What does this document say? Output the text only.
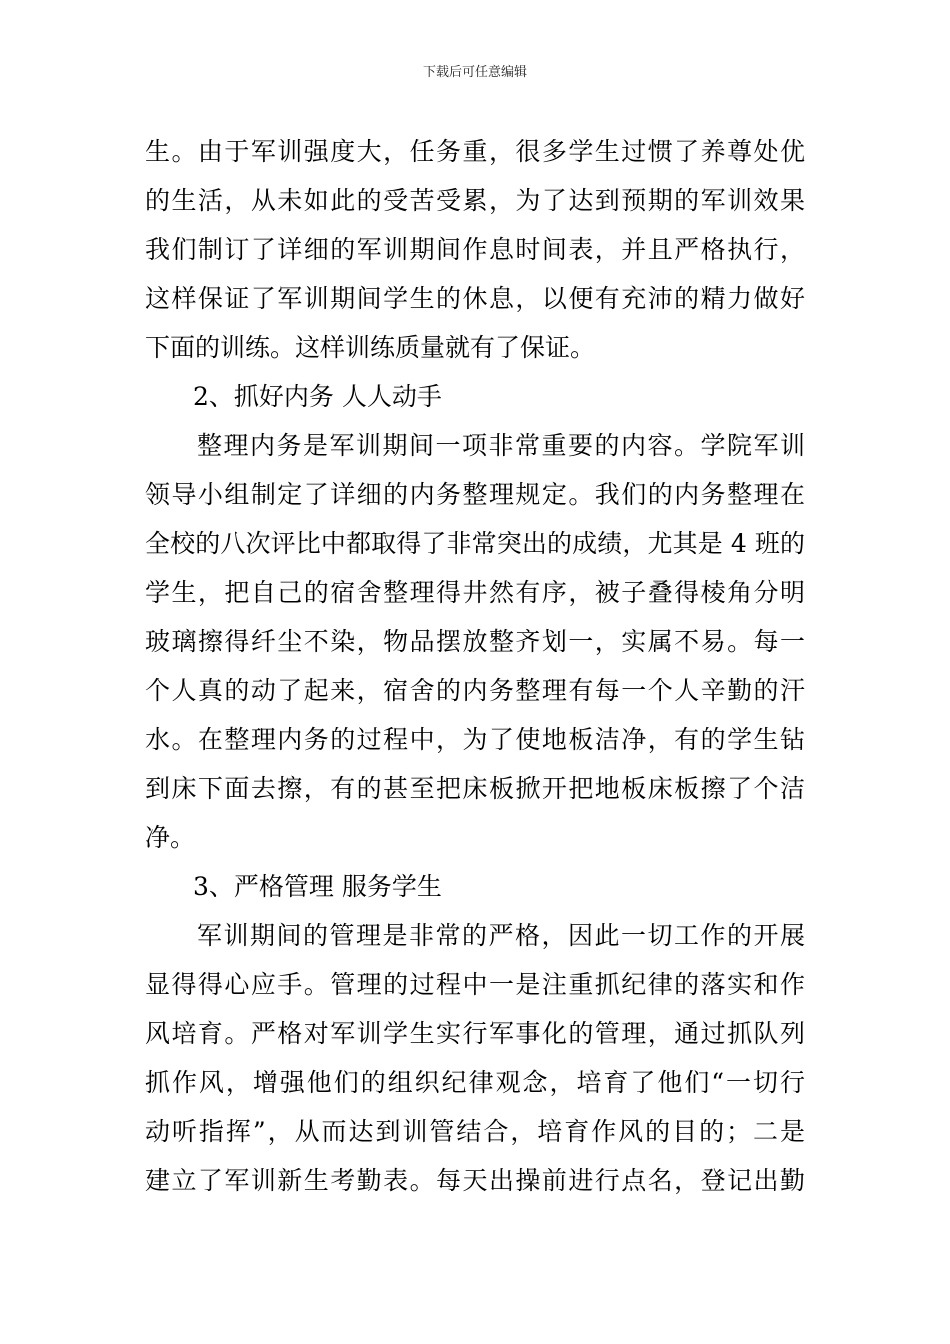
下载后可任意编辑
生。由于军训强度大，任务重，很多学生过惯了养尊处优
的生活，从未如此的受苦受累，为了达到预期的军训效果
我们制订了详细的军训期间作息时间表，并且严格执行，
这样保证了军训期间学生的休息，以便有充沛的精力做好
下面的训练。这样训练质量就有了保证。
2、抓好内务 人人动手
整理内务是军训期间一项非常重要的内容。学院军训
领导小组制定了详细的内务整理规定。我们的内务整理在
全校的八次评比中都取得了非常突出的成绩，尤其是 4 班的
学生，把自己的宿舍整理得井然有序，被子叠得棱角分明
玻璃擦得纤尘不染，物品摆放整齐划一，实属不易。每一
个人真的动了起来，宿舍的内务整理有每一个人辛勤的汗
水。在整理内务的过程中，为了使地板洁净，有的学生钻
到床下面去擦，有的甚至把床板掀开把地板床板擦了个洁
净。
3、严格管理 服务学生
军训期间的管理是非常的严格，因此一切工作的开展
显得得心应手。管理的过程中一是注重抓纪律的落实和作
风培育。严格对军训学生实行军事化的管理，通过抓队列
抓作风，增强他们的组织纪律观念，培育了他们“一切行
动听指挥”，从而达到训管结合，培育作风的目的；二是
建立了军训新生考勤表。每天出操前进行点名，登记出勤
